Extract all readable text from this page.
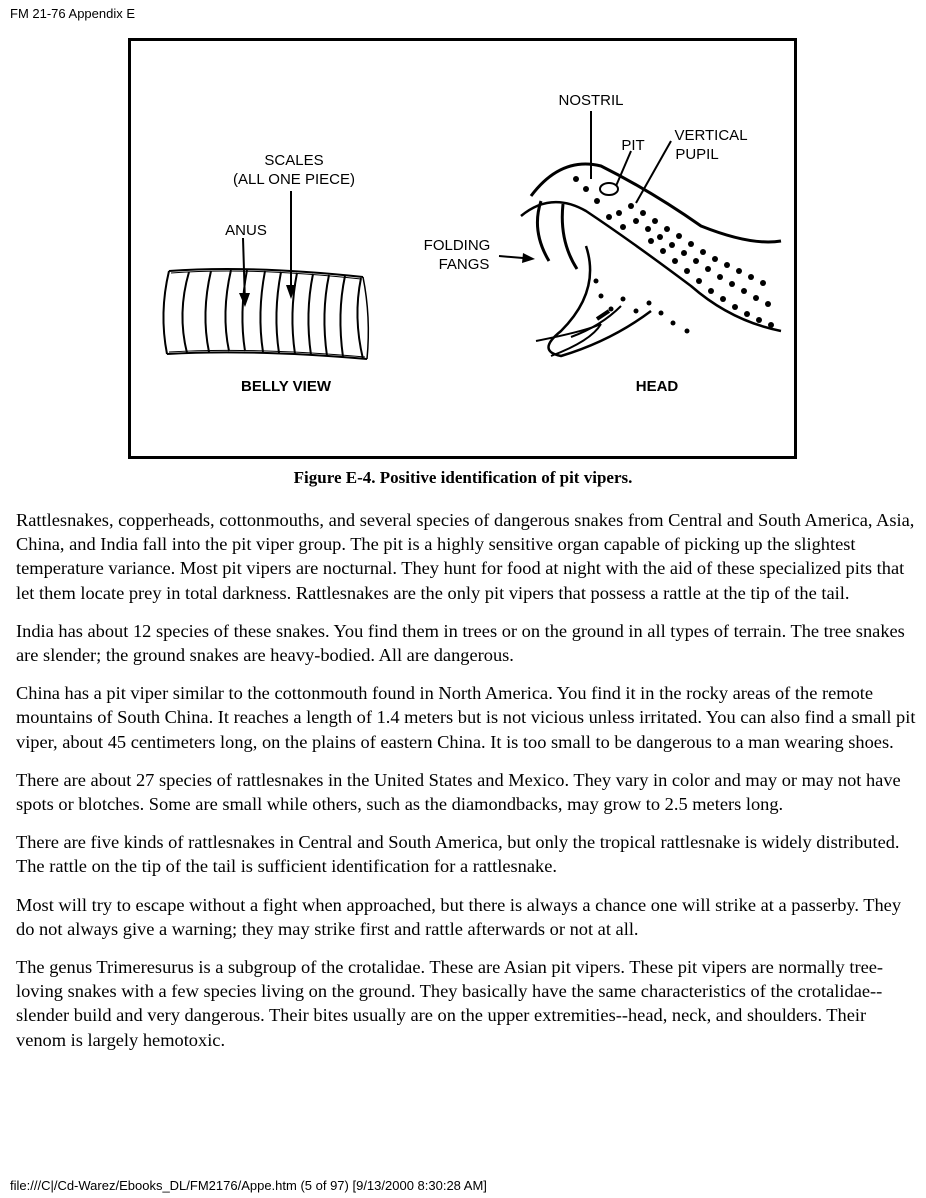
FM 21-76 Appendix E
SCALES
(ALL ONE PIECE)
ANUS
BELLY VIEW
NOSTRIL
PIT
VERTICAL
PUPIL
FOLDING
FANGS
HEAD
Figure E-4. Positive identification of pit vipers.

Rattlesnakes, copperheads, cottonmouths, and several species of dangerous snakes from Central and South America, Asia, China, and India fall into the pit viper group. The pit is a highly sensitive organ capable of picking up the slightest temperature variance. Most pit vipers are nocturnal. They hunt for food at night with the aid of these specialized pits that let them locate prey in total darkness. Rattlesnakes are the only pit vipers that possess a rattle at the tip of the tail.

India has about 12 species of these snakes. You find them in trees or on the ground in all types of terrain. The tree snakes are slender; the ground snakes are heavy-bodied. All are dangerous.

China has a pit viper similar to the cottonmouth found in North America. You find it in the rocky areas of the remote mountains of South China. It reaches a length of 1.4 meters but is not vicious unless irritated. You can also find a small pit viper, about 45 centimeters long, on the plains of eastern China. It is too small to be dangerous to a man wearing shoes.

There are about 27 species of rattlesnakes in the United States and Mexico. They vary in color and may or may not have spots or blotches. Some are small while others, such as the diamondbacks, may grow to 2.5 meters long.

There are five kinds of rattlesnakes in Central and South America, but only the tropical rattlesnake is widely distributed. The rattle on the tip of the tail is sufficient identification for a rattlesnake.

Most will try to escape without a fight when approached, but there is always a chance one will strike at a passerby. They do not always give a warning; they may strike first and rattle afterwards or not at all.

The genus Trimeresurus is a subgroup of the crotalidae. These are Asian pit vipers. These pit vipers are normally tree-loving snakes with a few species living on the ground. They basically have the same characteristics of the crotalidae--slender build and very dangerous. Their bites usually are on the upper extremities--head, neck, and shoulders. Their venom is largely hemotoxic.

file:///C|/Cd-Warez/Ebooks_DL/FM2176/Appe.htm (5 of 97) [9/13/2000 8:30:28 AM]
